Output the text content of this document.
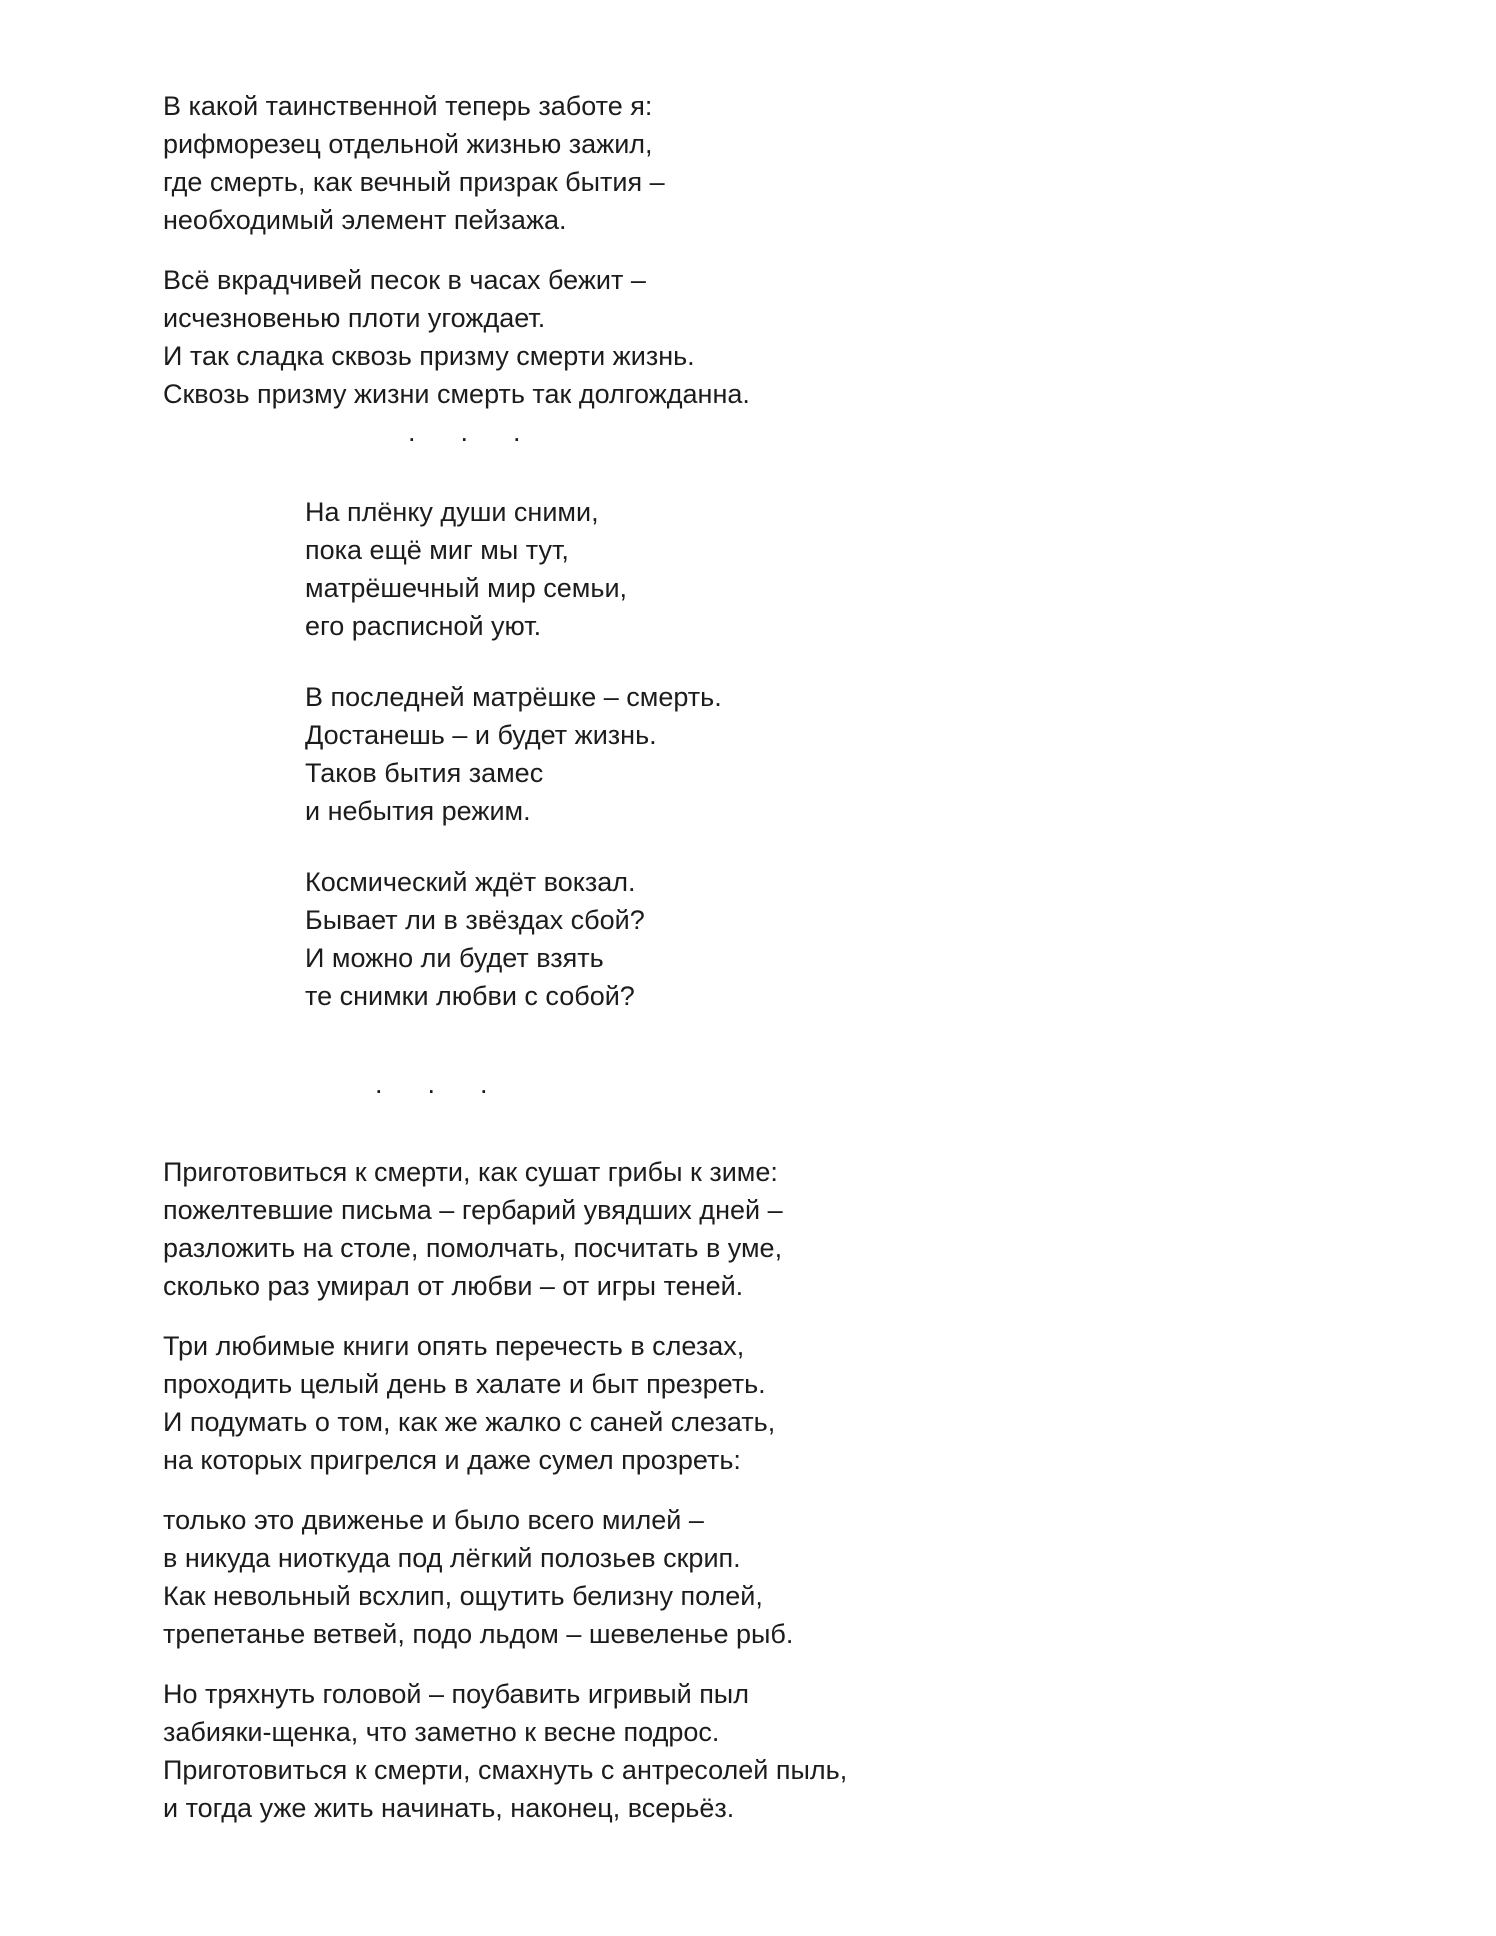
В какой таинственной теперь заботе я:
рифморезец отдельной жизнью зажил,
где смерть, как вечный призрак бытия –
необходимый элемент пейзажа.

Всё вкрадчивей песок в часах бежит –
исчезновенью плоти угождает.
И так сладка сквозь призму смерти жизнь.
Сквозь призму жизни смерть так долгожданна.

.  .  .

На плёнку души сними,
пока ещё миг мы тут,
матрёшечный мир семьи,
его расписной уют.

В последней матрёшке – смерть.
Достанешь – и будет жизнь.
Таков бытия замес
и небытия режим.

Космический ждёт вокзал.
Бывает ли в звёздах сбой?
И можно ли будет взять
те снимки любви с собой?

.  .  .

Приготовиться к смерти, как сушат грибы к зиме:
пожелтевшие письма – гербарий увядших дней –
разложить на столе, помолчать, посчитать в уме,
сколько раз умирал от любви – от игры теней.

Три любимые книги опять перечесть в слезах,
проходить целый день в халате и быт презреть.
И подумать о том, как же жалко с саней слезать,
на которых пригрелся и даже сумел прозреть:

только это движенье и было всего милей –
в никуда ниоткуда под лёгкий полозьев скрип.
Как невольный всхлип, ощутить белизну полей,
трепетанье ветвей, подо льдом – шевеленье рыб.

Но тряхнуть головой – поубавить игривый пыл
забияки-щенка, что заметно к весне подрос.
Приготовиться к смерти, смахнуть с антресолей пыль,
и тогда уже жить начинать, наконец, всерьёз.
